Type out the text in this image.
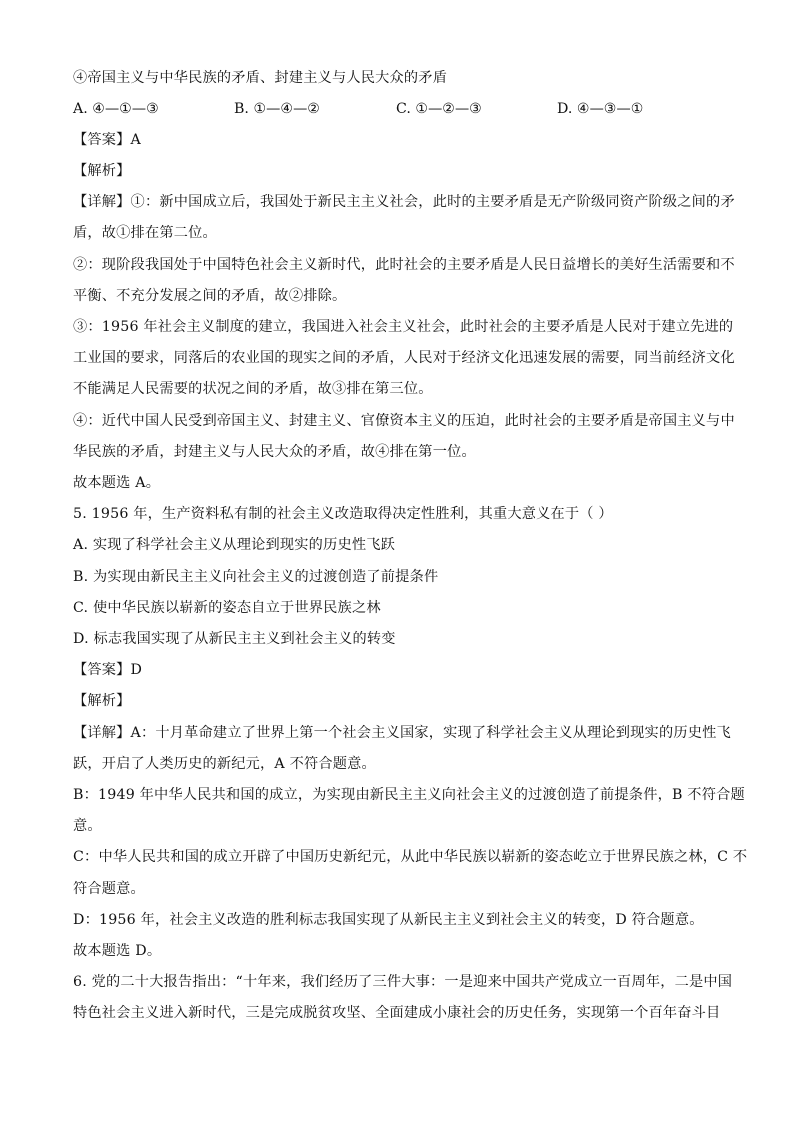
④帝国主义与中华民族的矛盾、封建主义与人民大众的矛盾
A. ④—①—③	B. ①—④—②	C. ①—②—③	D. ④—③—①
【答案】A
【解析】
【详解】①：新中国成立后，我国处于新民主主义社会，此时的主要矛盾是无产阶级同资产阶级之间的矛
盾，故①排在第二位。
②：现阶段我国处于中国特色社会主义新时代，此时社会的主要矛盾是人民日益增长的美好生活需要和不
平衡、不充分发展之间的矛盾，故②排除。
③：1956 年社会主义制度的建立，我国进入社会主义社会，此时社会的主要矛盾是人民对于建立先进的
工业国的要求，同落后的农业国的现实之间的矛盾，人民对于经济文化迅速发展的需要，同当前经济文化
不能满足人民需要的状况之间的矛盾，故③排在第三位。
④：近代中国人民受到帝国主义、封建主义、官僚资本主义的压迫，此时社会的主要矛盾是帝国主义与中
华民族的矛盾，封建主义与人民大众的矛盾，故④排在第一位。
故本题选 A。
5. 1956 年，生产资料私有制的社会主义改造取得决定性胜利，其重大意义在于（ ）
A. 实现了科学社会主义从理论到现实的历史性飞跃
B. 为实现由新民主主义向社会主义的过渡创造了前提条件
C. 使中华民族以崭新的姿态自立于世界民族之林
D. 标志我国实现了从新民主主义到社会主义的转变
【答案】D
【解析】
【详解】A：十月革命建立了世界上第一个社会主义国家，实现了科学社会主义从理论到现实的历史性飞
跃，开启了人类历史的新纪元，A 不符合题意。
B：1949 年中华人民共和国的成立，为实现由新民主主义向社会主义的过渡创造了前提条件，B 不符合题
意。
C：中华人民共和国的成立开辟了中国历史新纪元，从此中华民族以崭新的姿态屹立于世界民族之林，C 不
符合题意。
D：1956 年，社会主义改造的胜利标志我国实现了从新民主主义到社会主义的转变，D 符合题意。
故本题选 D。
6. 党的二十大报告指出：“十年来，我们经历了三件大事：一是迎来中国共产党成立一百周年，二是中国
特色社会主义进入新时代，三是完成脱贫攻坚、全面建成小康社会的历史任务，实现第一个百年奋斗目
